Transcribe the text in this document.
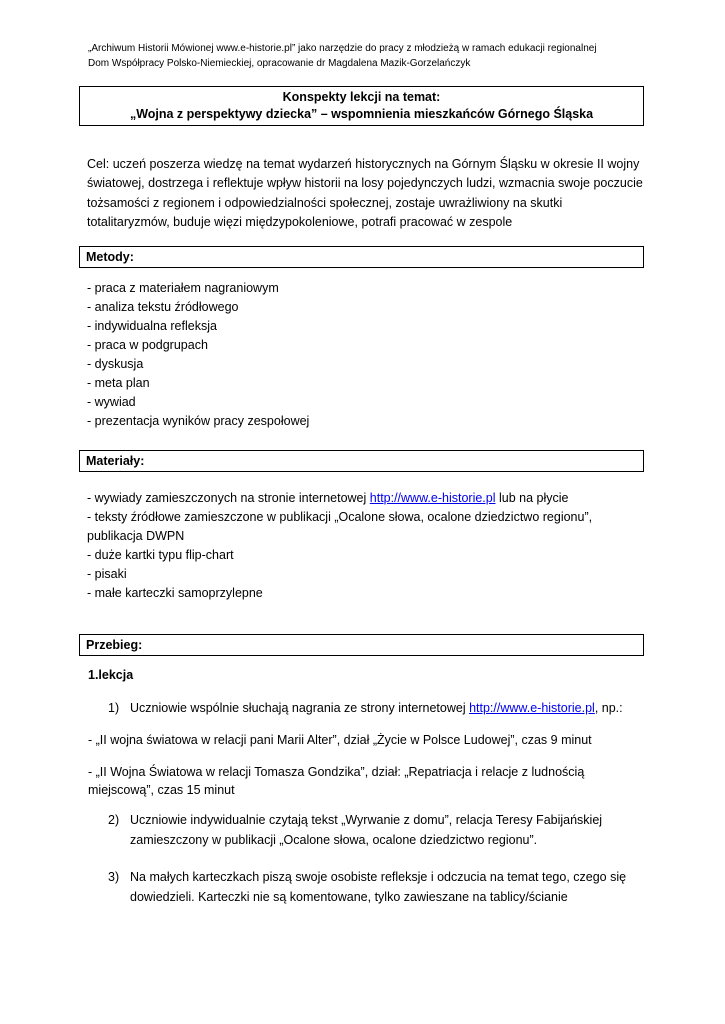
„Archiwum Historii Mówionej www.e-historie.pl” jako narzędzie do pracy z młodzieżą w ramach edukacji regionalnej
Dom Współpracy Polsko-Niemieckiej, opracowanie dr Magdalena Mazik-Gorzelańczyk
Konspekty lekcji na temat:
„Wojna z perspektywy dziecka” – wspomnienia mieszkańców Górnego Śląska
Cel: uczeń poszerza wiedzę na temat wydarzeń historycznych na Górnym Śląsku w okresie II wojny światowej, dostrzega i reflektuje wpływ historii na losy pojedynczych ludzi, wzmacnia swoje poczucie tożsamości z regionem i odpowiedzialności społecznej, zostaje uwrażliwiony na skutki totalitaryzmów, buduje więzi międzypokoleniowe, potrafi pracować w zespole
Metody:
- praca z materiałem nagraniowym
- analiza tekstu źródłowego
- indywidualna refleksja
- praca w podgrupach
- dyskusja
- meta plan
- wywiad
- prezentacja wyników pracy zespołowej
Materiały:
- wywiady zamieszczonych na stronie internetowej http://www.e-historie.pl lub na płycie
- teksty źródłowe zamieszczone w publikacji „Ocalone słowa, ocalone dziedzictwo regionu”,
publikacja DWPN
- duże kartki typu flip-chart
- pisaki
- małe karteczki samoprzylepne
Przebieg:
1.lekcja
1) Uczniowie wspólnie słuchają nagrania ze strony internetowej http://www.e-historie.pl, np.:
- „II wojna światowa w relacji pani Marii Alter”, dział „Życie w Polsce Ludowej”, czas 9 minut
- „II Wojna Światowa w relacji Tomasza Gondzika”, dział: „Repatriacja i relacje z ludnością
miejscową”, czas 15 minut
2) Uczniowie indywidualnie czytają tekst „Wyrwanie z domu”, relacja Teresy Fabijańskiej
zamieszczony w publikacji „Ocalone słowa, ocalone dziedzictwo regionu”.
3) Na małych karteczkach piszą swoje osobiste refleksje i odczucia na temat tego, czego się
dowiedzieli. Karteczki nie są komentowane, tylko zawieszane na tablicy/ścianie
